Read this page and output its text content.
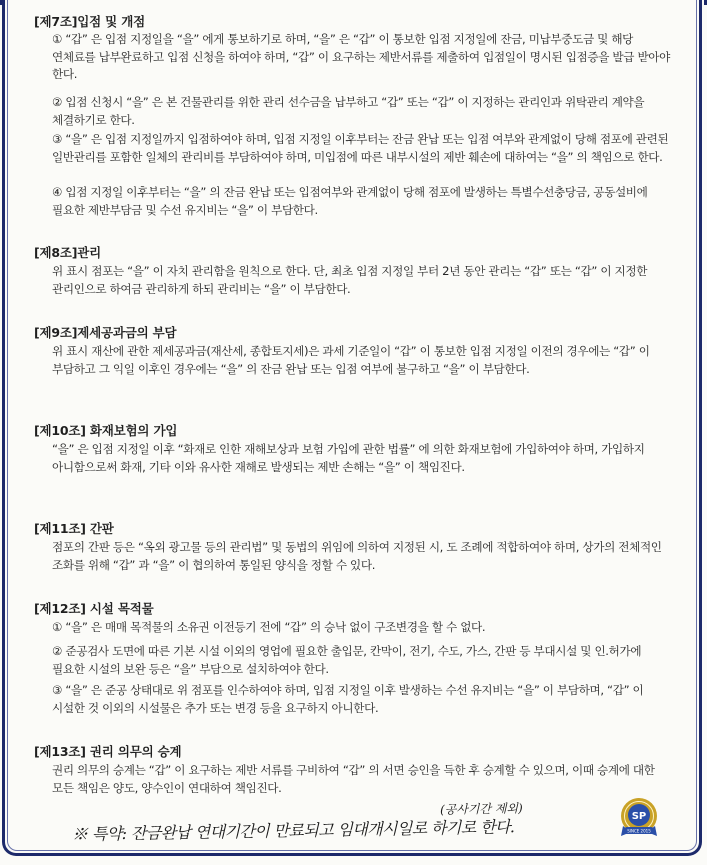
[제7조]입점 및 개점
① “갑” 은 입점 지정일을 “을” 에게 통보하기로 하며, “을” 은 “갑” 이 통보한 입점 지정일에 잔금, 미납부중도금 및 해당 연체료를 납부완료하고 입점 신청을 하여야 하며, “갑” 이 요구하는 제반서류를 제출하여 입점일이 명시된 입점증을 발급 받아야 한다.
② 입점 신청시 “을” 은 본 건물관리를 위한 관리 선수금을 납부하고 “갑” 또는 “갑” 이 지정하는 관리인과 위탁관리 계약을 체결하기로 한다.
③ “을” 은 입점 지정일까지 입점하여야 하며, 입점 지정일 이후부터는 잔금 완납 또는 입점 여부와 관계없이 당해 점포에 관련된 일반관리를 포함한 일체의 관리비를 부담하여야 하며, 미입점에 따른 내부시설의 제반 훼손에 대하여는 “을” 의 책임으로 한다.
④ 입점 지정일 이후부터는 “을” 의 잔금 완납 또는 입점여부와 관계없이 당해 점포에 발생하는 특별수선충당금, 공동설비에 필요한 제반부담금 및 수선 유지비는 “을” 이 부담한다.
[제8조]관리
위 표시 점포는 “을” 이 자치 관리함을 원칙으로 한다. 단, 최초 입점 지정일 부터 2년 동안 관리는 “갑” 또는 “갑” 이 지정한 관리인으로 하여금 관리하게 하되 관리비는 “을” 이 부담한다.
[제9조]제세공과금의 부담
위 표시 재산에 관한 제세공과금(재산세, 종합토지세)은 과세 기준일이 “갑” 이 통보한 입점 지정일 이전의 경우에는 “갑” 이 부담하고 그 익일 이후인 경우에는 “을” 의 잔금 완납 또는 입점 여부에 불구하고 “을” 이 부담한다.
[제10조] 화재보험의 가입
“을” 은 입점 지정일 이후 “화재로 인한 재해보상과 보험 가입에 관한 법률” 에 의한 화재보험에 가입하여야 하며, 가입하지 아니함으로써 화재, 기타 이와 유사한 재해로 발생되는 제반 손해는 “을” 이 책임진다.
[제11조] 간판
점포의 간판 등은 “옥외 광고물 등의 관리법” 및 동법의 위임에 의하여 지정된 시, 도 조례에 적합하여야 하며, 상가의 전체적인 조화를 위해 “갑” 과 “을” 이 협의하여 통일된 양식을 정할 수 있다.
[제12조] 시설 목적물
① “을” 은 매매 목적물의 소유권 이전등기 전에 “갑” 의 승낙 없이 구조변경을 할 수 없다.
② 준공검사 도면에 따른 기본 시설 이외의 영업에 필요한 출입문, 칸막이, 전기, 수도, 가스, 간판 등 부대시설 및 인.허가에 필요한 시설의 보완 등은 “을” 부담으로 설치하여야 한다.
③ “을” 은 준공 상태대로 위 점포를 인수하여야 하며, 입점 지정일 이후 발생하는 수선 유지비는 “을” 이 부담하며, “갑” 이 시설한 것 이외의 시설물은 추가 또는 변경 등을 요구하지 아니한다.
[제13조] 권리 의무의 승계
권리 의무의 승계는 “갑” 이 요구하는 제반 서류를 구비하여 “갑” 의 서면 승인을 득한 후 승계할 수 있으며, 이때 승계에 대한 모든 책임은 양도, 양수인이 연대하여 책임진다.
(공사기간 제외)
※ 특약: 잔금완납 연대기간이 만료되고 임대개시일로 하기로 한다.
SP
SINCE 2015
